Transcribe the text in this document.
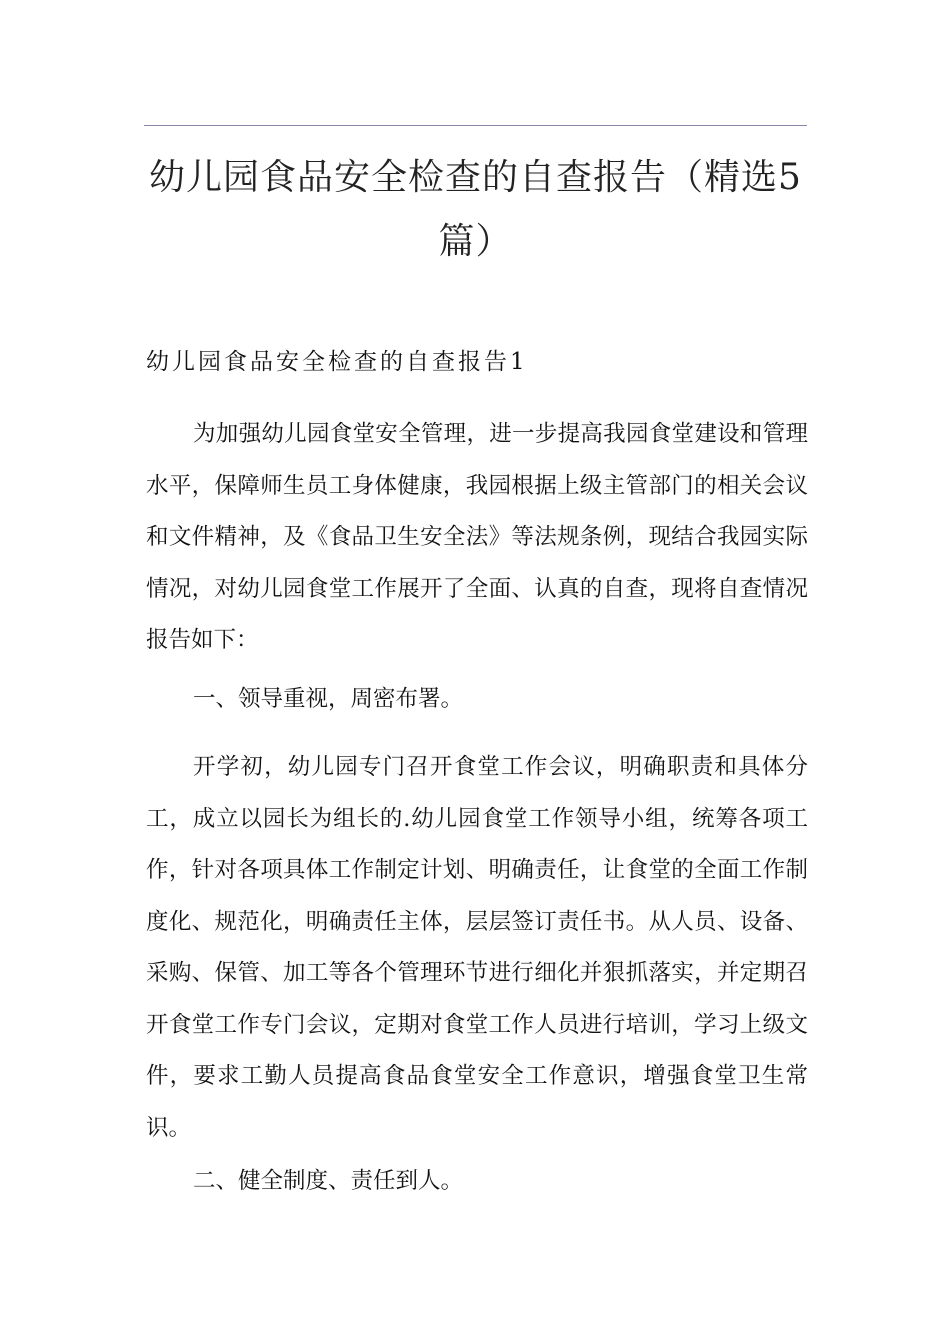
幼儿园食品安全检查的自查报告（精选5篇）
幼儿园食品安全检查的自查报告1

为加强幼儿园食堂安全管理，进一步提高我园食堂建设和管理水平，保障师生员工身体健康，我园根据上级主管部门的相关会议和文件精神，及《食品卫生安全法》等法规条例，现结合我园实际情况，对幼儿园食堂工作展开了全面、认真的自查，现将自查情况报告如下：

一、领导重视，周密布署。

开学初，幼儿园专门召开食堂工作会议，明确职责和具体分工，成立以园长为组长的.幼儿园食堂工作领导小组，统筹各项工作，针对各项具体工作制定计划、明确责任，让食堂的全面工作制度化、规范化，明确责任主体，层层签订责任书。从人员、设备、采购、保管、加工等各个管理环节进行细化并狠抓落实，并定期召开食堂工作专门会议，定期对食堂工作人员进行培训，学习上级文件，要求工勤人员提高食品食堂安全工作意识，增强食堂卫生常识。

二、健全制度、责任到人。
